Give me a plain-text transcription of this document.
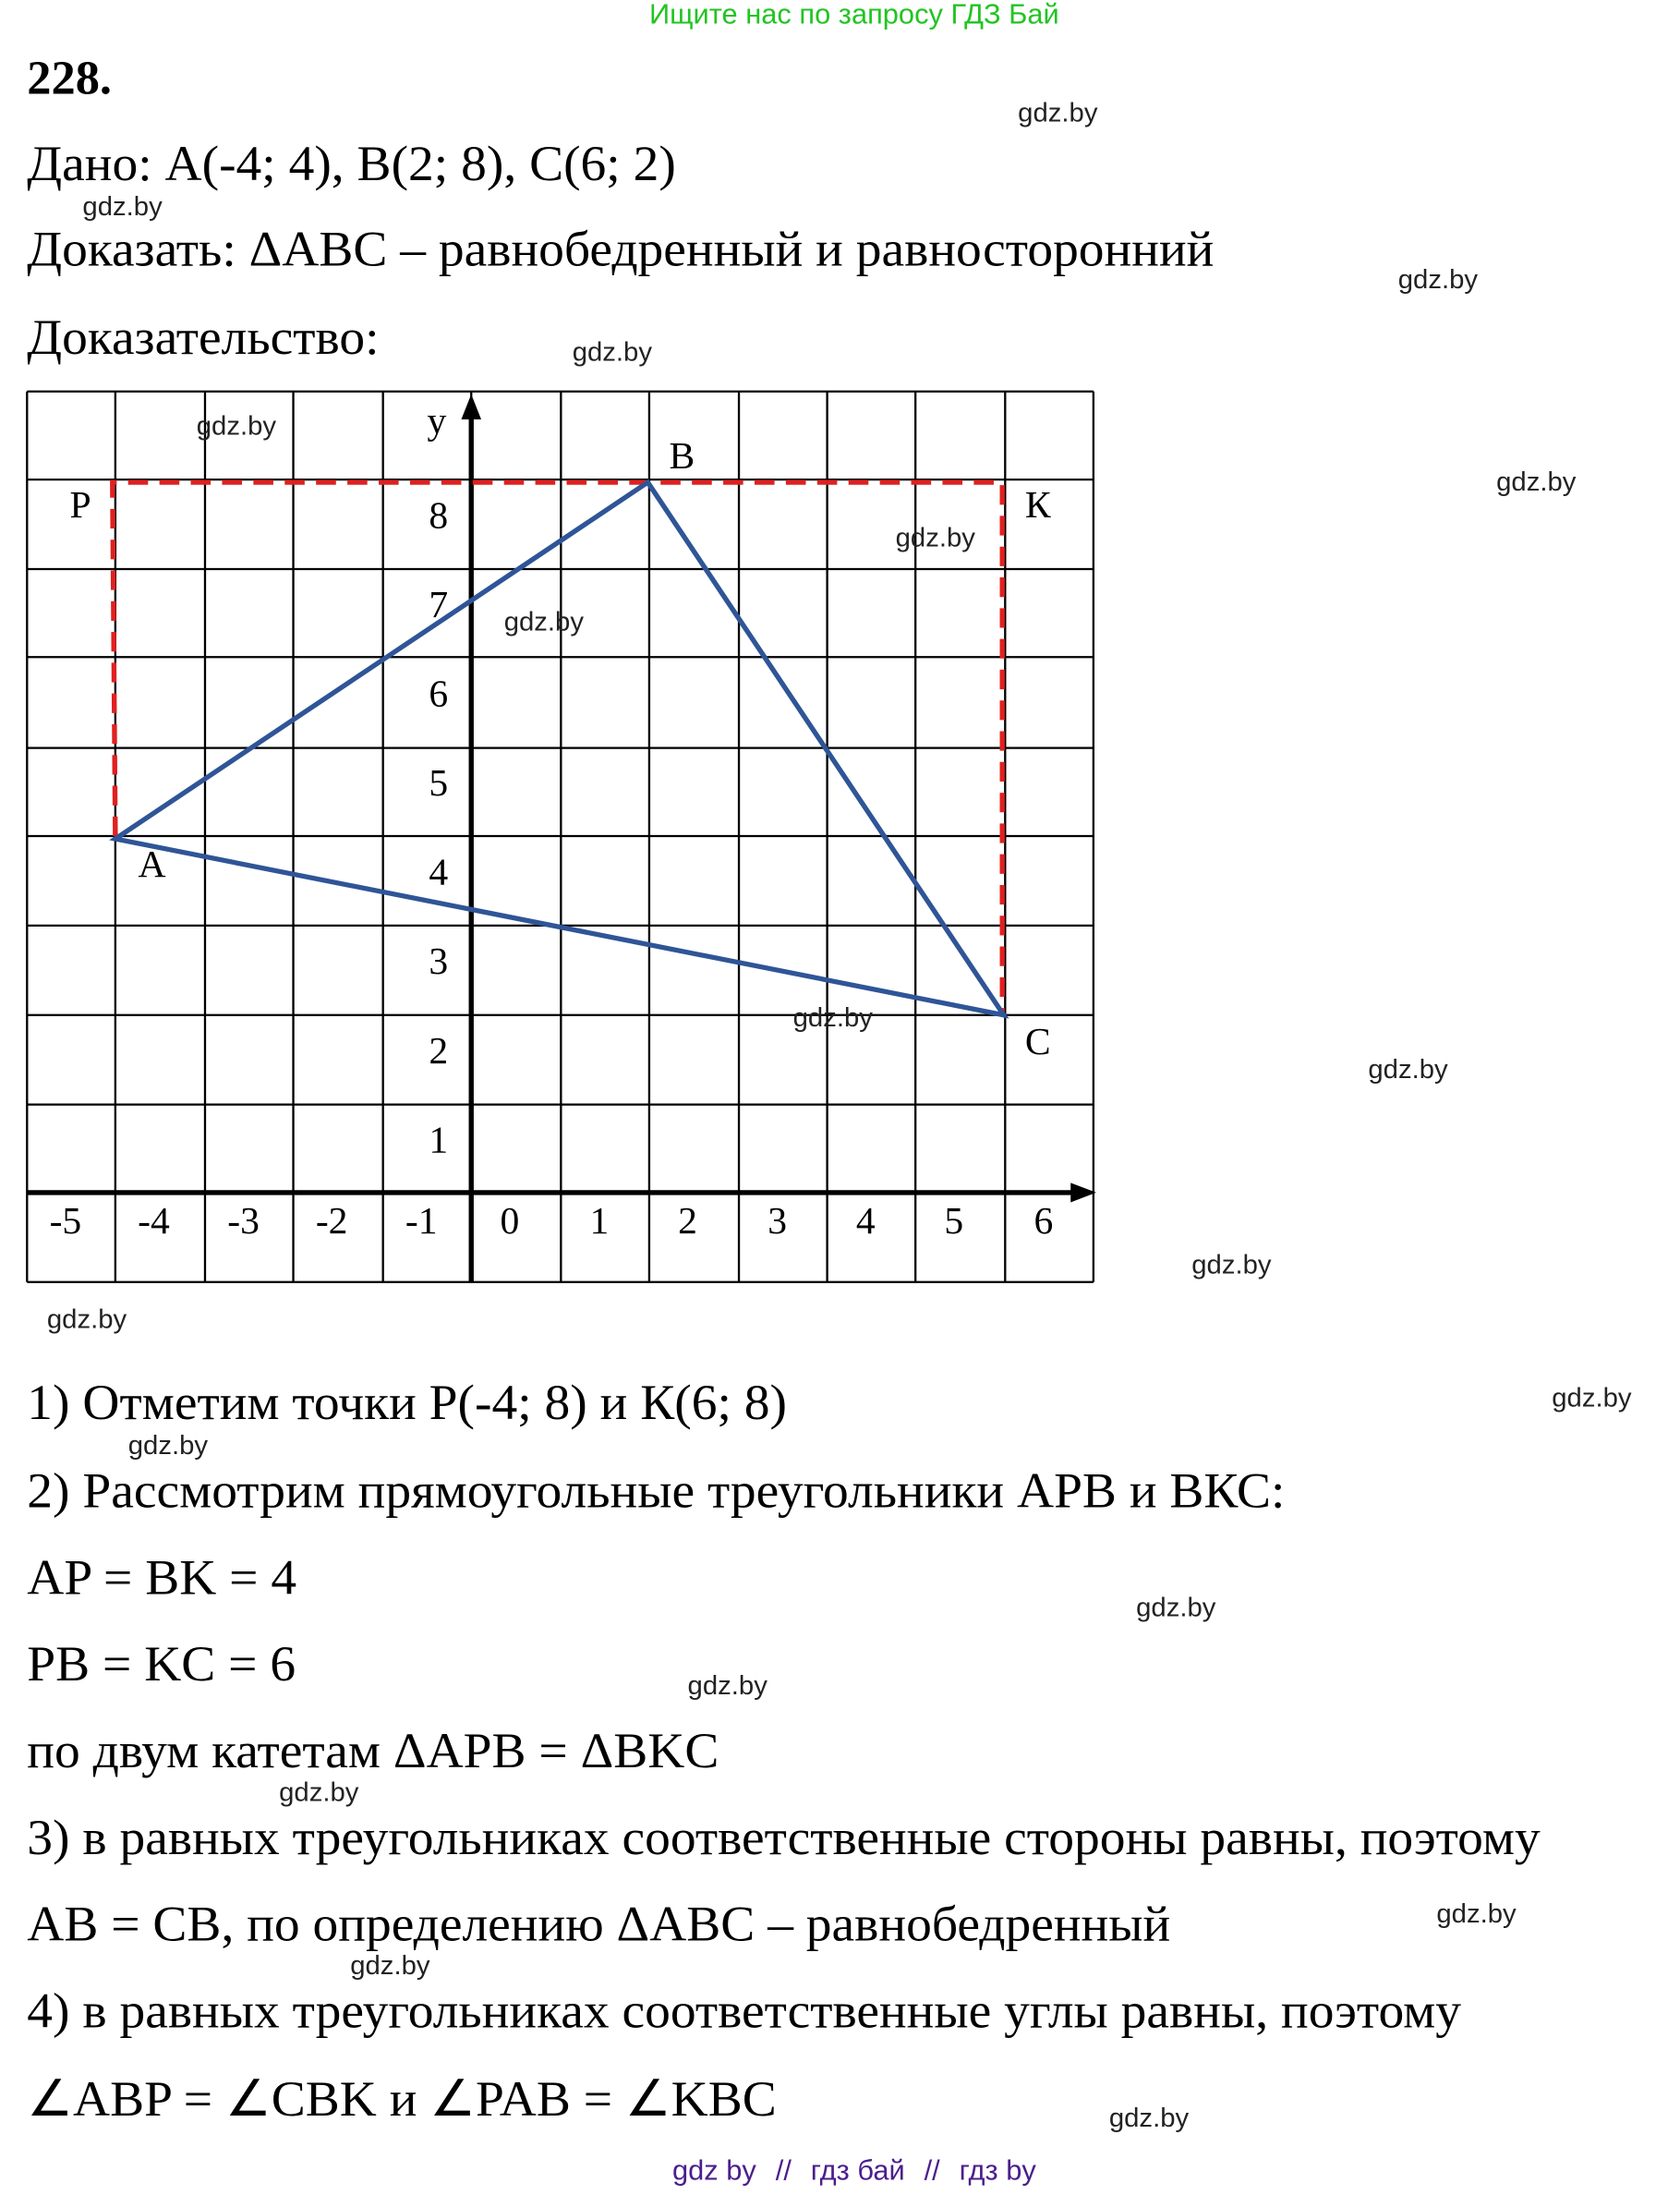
Ищите нас по запросу ГДЗ Бай
228.
Дано: A(-4; 4), B(2; 8), C(6; 2)
Доказать: ΔABC – равнобедренный и равносторонний
Доказательство:
-5 -4 -3 -2 -1	0	1	2	3	4	5	6
1
2
3
4
5
6
7
8
y
B
P	К
A
C
1) Отметим точки P(-4; 8) и К(6; 8)
2) Рассмотрим прямоугольные треугольники APB и ВКС:
AP = BK = 4
PB = KC = 6
по двум катетам ΔAPB = ΔBKC
3) в равных треугольниках соответственные стороны равны, поэтому
AB = CB, по определению ΔABC – равнобедренный
4) в равных треугольниках соответственные углы равны, поэтому
∠ABP = ∠CBK и ∠PAB = ∠KBC
gdz.by
gdz.by
gdz.by
gdz.by
gdz.by
gdz.by
gdz.by
gdz.by
gdz.by
gdz.by
gdz.by
gdz.by
gdz.by
gdz.by
gdz.by
gdz.by
gdz.by
gdz.by
gdz.by
gdz.by
gdz by // гдз бай // гдз by
